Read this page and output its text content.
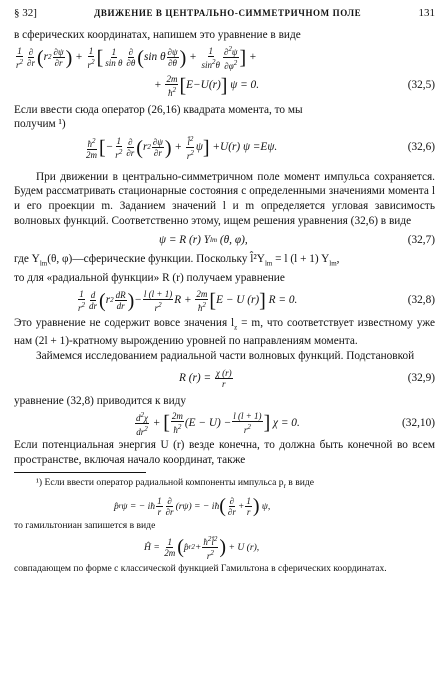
§ 32]	ДВИЖЕНИЕ В ЦЕНТРАЛЬНО-СИММЕТРИЧНОМ ПОЛЕ	131

в сферических координатах, напишем это уравнение в виде

$\frac{1}{r^2} \frac{\partial}{\partial r}$ ( r $2 \frac{\partial\psi}{\partial r}$ ) + $\frac{1}{r^2}$ [ $\frac{1}{\text{sin θ}} \frac{\partial}{\partial\theta}$ ( sin θ $\frac{\partial\psi}{\partial\theta}$ ) + $\frac{1}{\sin^2\theta} \frac{\partial^2\psi}{\partial\varphi^2}$ ] +
+ $\frac{2m}{ħ^2}$ [ E − U ( r ) ] ψ = 0.	(32,5)

Если ввести сюда оператор (26,16) квадрата момента, то мы
получим ¹)

$\frac{ħ^2}{2m}$ [ − $\frac{1}{r^2} \frac{\partial}{\partial r}$ ( r $2 \frac{\partial\psi}{\partial r}$ ) + $\frac{l̂^2}{r^2}$ ψ ] + U ( r ) ψ = E ψ.	(32,6)

При движении в центрально-симметричном поле момент импульса сохраняется. Будем рассматривать стационарные состояния с определенными значениями момента l и его проекции m. Заданием значений l и m определяется угловая зависимость волновых функций. Соответственно этому, ищем решения уравнения (32,6) в виде

ψ = R (r) Y lm
(θ, φ),	(32,7)

где $Y_{lm}(\theta$, φ)—сферические функции. Поскольку $l̂^2Y_{lm} = l$ (l + 1) $Y_{lm}$,
то для «радиальной функции» R (r) получаем уравнение

$\frac{1}{r^2} \frac{d}{dr}$ ( r $2 \frac{dR}{dr}$ ) − $\frac{l (l + 1)}{r^2}$ $R + \frac{2m}{ħ^2}$ [ E − U (r) ] R = 0.	(32,8)

Это уравнение не содержит вовсе значения $l_z = m$, что соответствует известному уже нам (2l + 1)-кратному вырождению уровней по направлениям момента.

Займемся исследованием радиальной части волновых функций. Подстановкой

R (r) =
$\frac{\chi (r)}{r}$	(32,9)

уравнение (32,8) приводится к виду

$\frac{d^2\chi}{dr^2}$ + [ $\frac{2m}{ħ^2} (E - U) - \frac{l (l + 1)}{r^2}$ ] χ = 0.	(32,10)

Если потенциальная энергия U (r) везде конечна, то должна быть конечной во всем пространстве, включая начало координат, также

¹) Если ввести оператор радиальной компоненты импульса $p_r$ в виде

p̂ r ψ = − iħ $\frac{1}{r} \frac{\partial}{\partial r} (r\psi)$ = − iħ ( $\frac{\partial}{\partial r} + \frac{1}{r}$ ) ψ,

то гамильтониан запишется в виде

Ĥ = $\frac{1}{2m}$ ( p̂ r $2 + \frac{ħ^2l̂^2}{r^2}$ ) + U (r),

совпадающем по форме с классической функцией Гамильтона в сферических координатах.
